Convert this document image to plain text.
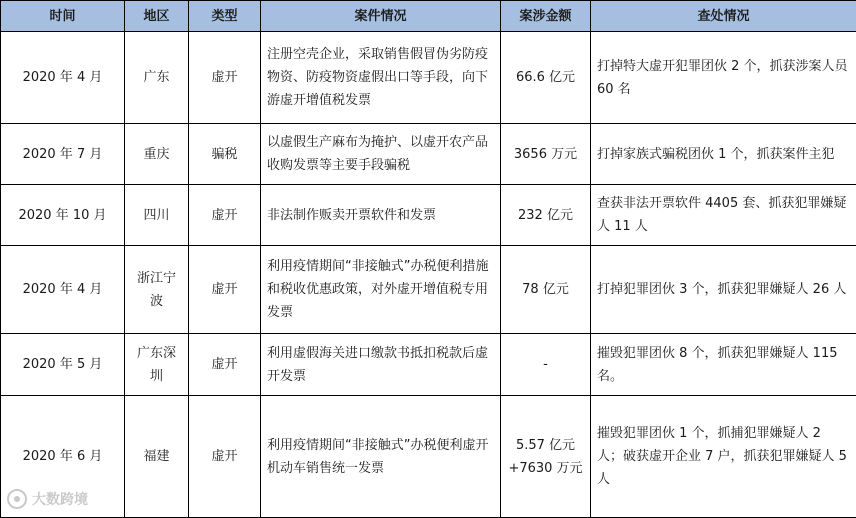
时间	地区	类型	案件情况	案涉金额	查处情况
2020 年 4 月	广东	虚开	注册空壳企业，采取销售假冒伪劣防疫物资、防疫物资虚假出口等手段，向下游虚开增值税发票	66.6 亿元	打掉特大虚开犯罪团伙 2 个，抓获涉案人员 60 名
2020 年 7 月	重庆	骗税	以虚假生产麻布为掩护、以虚开农产品收购发票等主要手段骗税	3656 万元	打掉家族式骗税团伙 1 个，抓获案件主犯
2020 年 10 月	四川	虚开	非法制作贩卖开票软件和发票	232 亿元	查获非法开票软件 4405 套、抓获犯罪嫌疑人 11 人
2020 年 4 月	浙江宁波	虚开	利用疫情期间“非接触式”办税便利措施和税收优惠政策，对外虚开增值税专用发票	78 亿元	打掉犯罪团伙 3 个，抓获犯罪嫌疑人 26 人
2020 年 5 月	广东深圳	虚开	利用虚假海关进口缴款书抵扣税款后虚开发票	-	摧毁犯罪团伙 8 个，抓获犯罪嫌疑人 115 名。
2020 年 6 月	福建	虚开	利用疫情期间“非接触式”办税便利虚开机动车销售统一发票	5.57 亿元 +7630 万元	摧毁犯罪团伙 1 个，抓捕犯罪嫌疑人 2 人；破获虚开企业 7 户，抓获犯罪嫌疑人 5 人
大数跨境
